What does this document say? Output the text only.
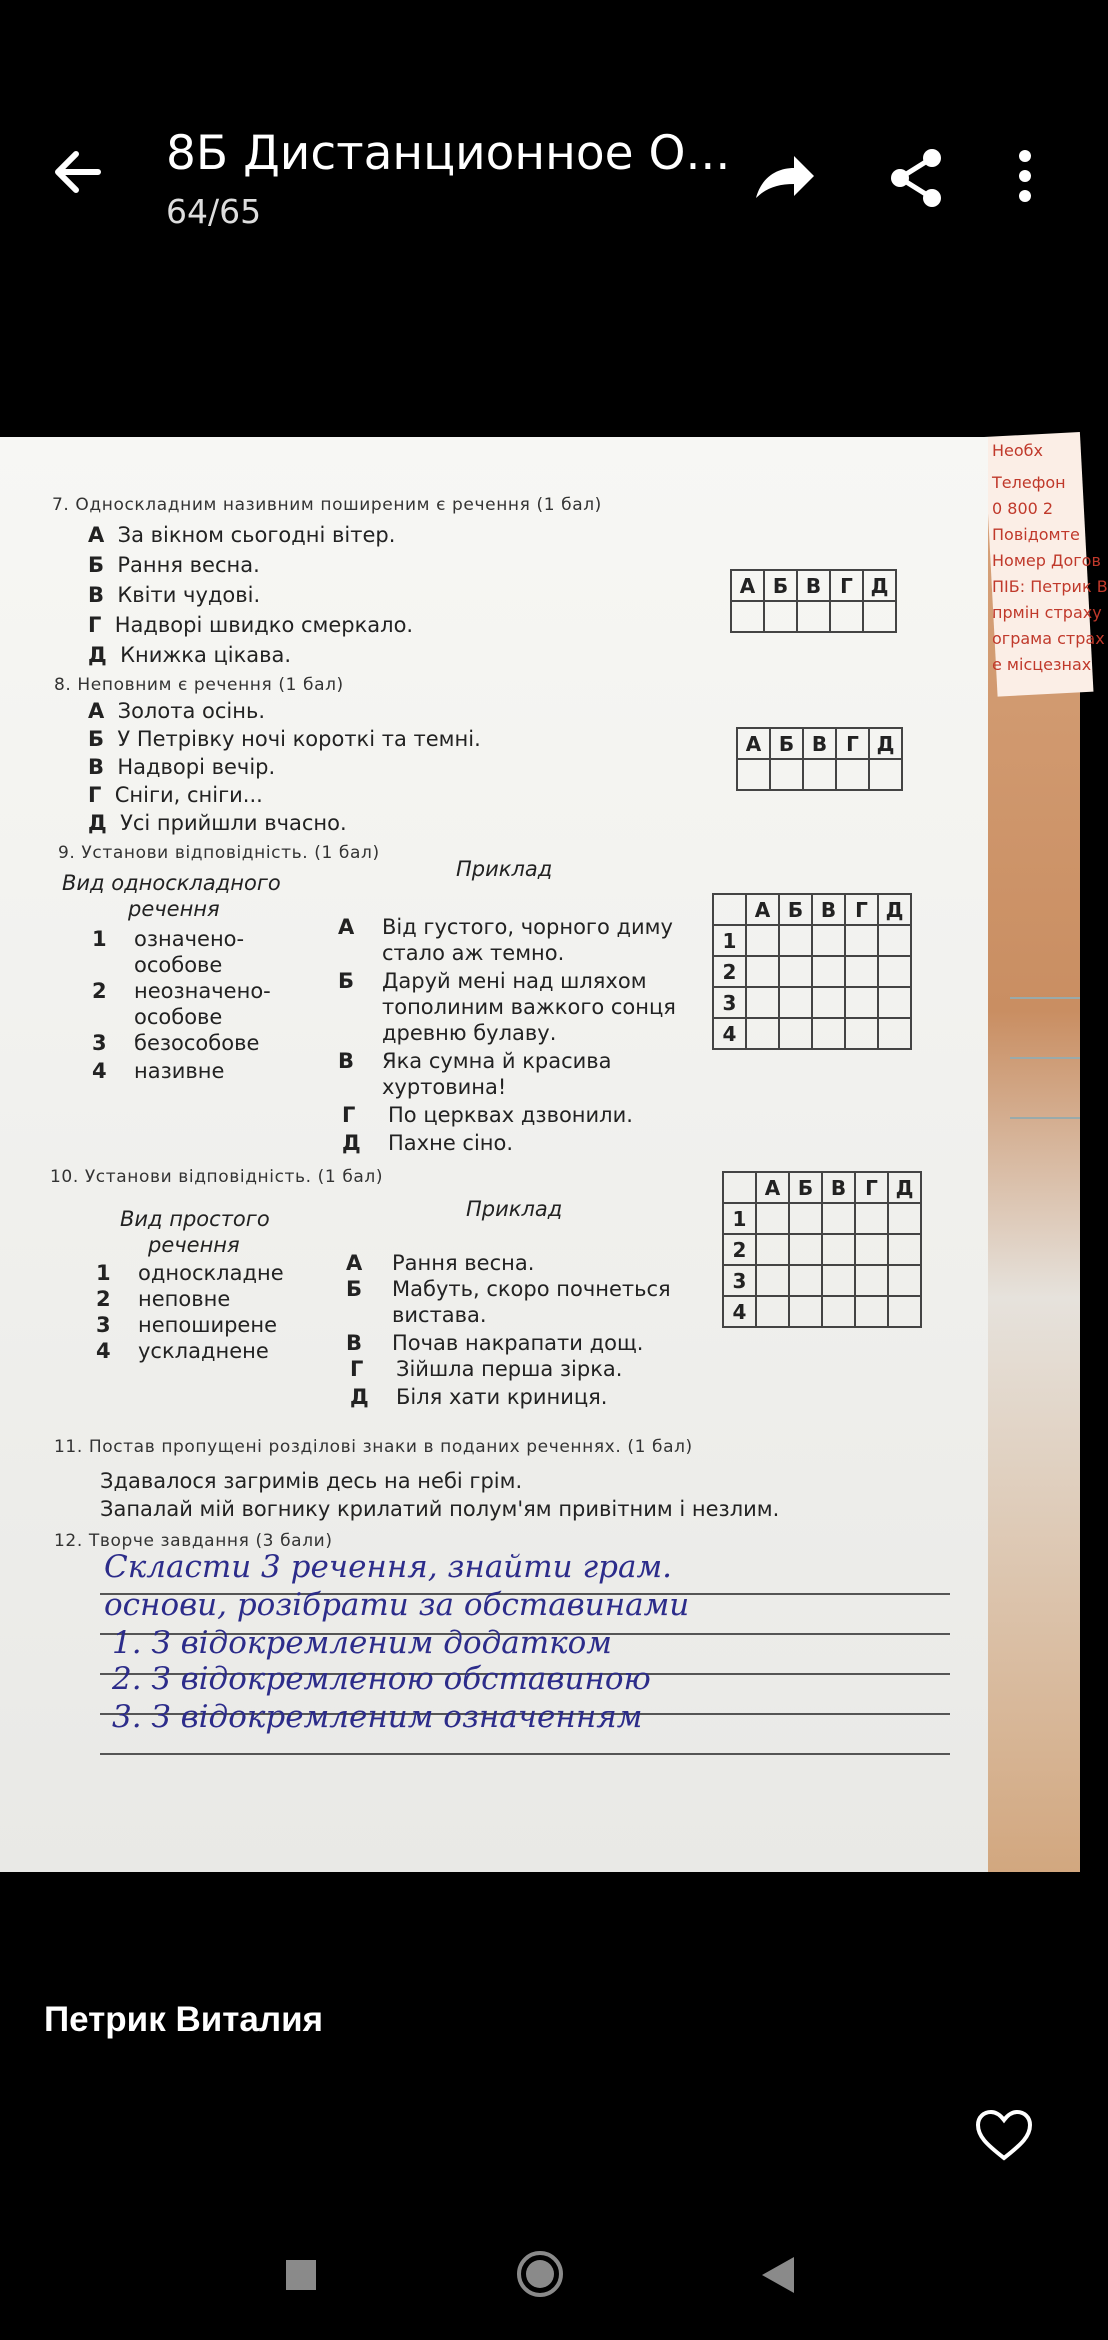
8Б Дистанционное О...
64/65
Необх
Телефон
0 800 2
Повідомте
Номер Догов
ПІБ: Петрик В
прмін страху
ограма страх
е місцезнах
7. Односкладним називним поширеним є речення (1 бал)
А За вікном сьогодні вітер.
Б Рання весна.
В Квіти чудові.
Г Надворі швидко смеркало.
Д Книжка цікава.
А	Б	В	Г	Д

8. Неповним є речення (1 бал)
А Золота осінь.
Б У Петрівку ночі короткі та темні.
В Надворі вечір.
Г Сніги, сніги...
Д Усі прийшли вчасно.
А	Б	В	Г	Д

9. Установи відповідність. (1 бал)
Вид односкладного
речення
Приклад
1 означено-
особове
2 неозначено-
особове
3 безособове
4 називне
А Від густого, чорного диму
стало аж темно.
Б Даруй мені над шляхом
тополиним важкого сонця
древню булаву.
В Яка сумна й красива
хуртовина!
Г По церквах дзвонили.
Д Пахне сіно.
	А	Б	В	Г	Д
1					
2					
3					
4					
10. Установи відповідність. (1 бал)
Вид простого
речення
Приклад
1 односкладне
2 неповне
3 непоширене
4 ускладнене
А Рання весна.
Б Мабуть, скоро почнеться
вистава.
В Почав накрапати дощ.
Г Зійшла перша зірка.
Д Біля хати криниця.
	А	Б	В	Г	Д
1					
2					
3					
4					
11. Постав пропущені розділові знаки в поданих реченнях. (1 бал)
Здавалося загримів десь на небі грім.
Запалай мій вогнику крилатий полум'ям привітним і незлим.
12. Творче завдання (3 бали)
Скласти 3 речення, знайти грам.
основи, розібрати за обставинами
1. З відокремленим додатком
2. З відокремленою обставиною
3. З відокремленим означенням
Петрик Виталия
